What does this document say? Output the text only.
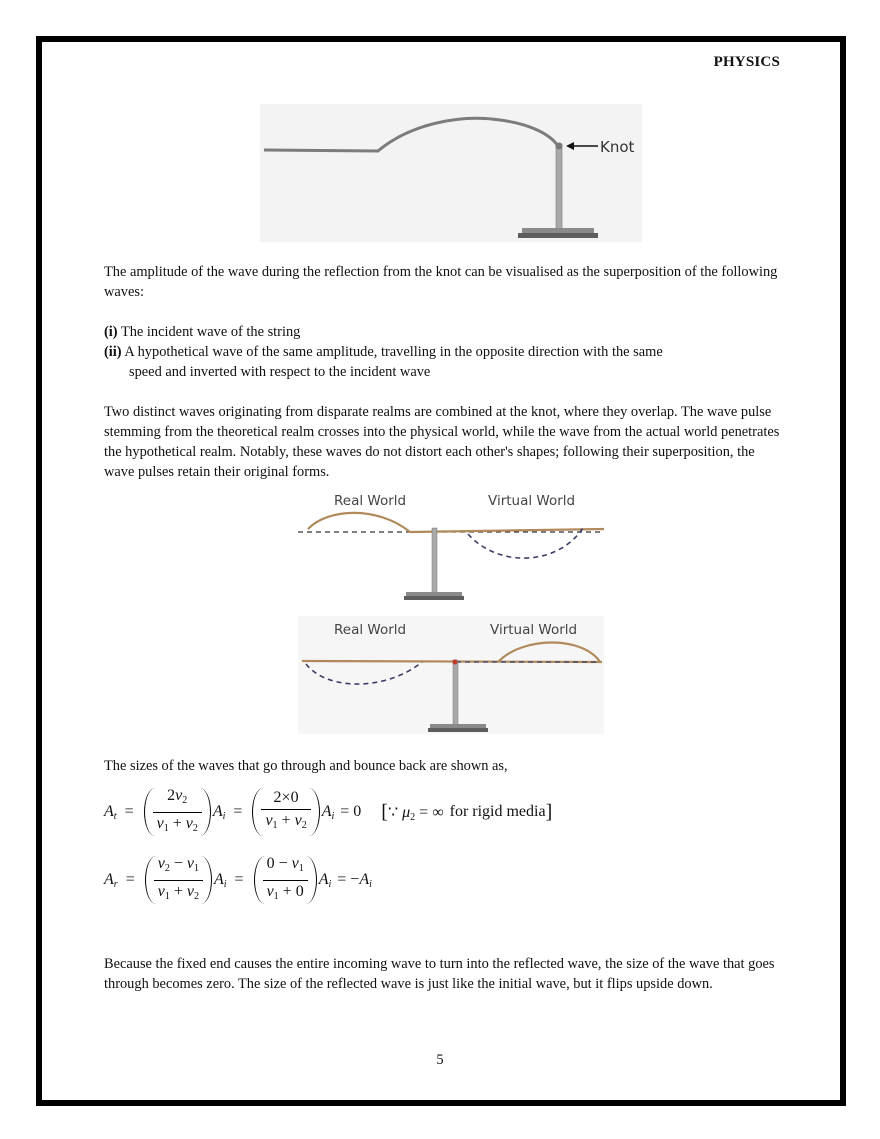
PHYSICS
Knot
The amplitude of the wave during the reflection from the knot can be visualised as the superposition of the following waves:
(i) The incident wave of the string
(ii) A hypothetical wave of the same amplitude, travelling in the opposite direction with the same
speed and inverted with respect to the incident wave
Two distinct waves originating from disparate realms are combined at the knot, where they overlap. The wave pulse stemming from the theoretical realm crosses into the physical world, while the wave from the actual world penetrates the hypothetical realm. Notably, these waves do not distort each other's shapes; following their superposition, the wave pulses retain their original forms.
Real World	Virtual World
Real World	Virtual World
The sizes of the waves that go through and bounce back are shown as,
$A_t = \frac{2v_2}{v_1 + v_2} A_i = \frac{2\times 0}{v_1 + v_2} A_i = 0$ [ ∵ $\mu_2$ = ∞ for rigid media ]
$A_r = \frac{v_2 - v_1}{v_1 + v_2} A_i = \frac{0 - v_1}{v_1 + 0} A_i = -A_i$
Because the fixed end causes the entire incoming wave to turn into the reflected wave, the size of the wave that goes through becomes zero. The size of the reflected wave is just like the initial wave, but it flips upside down.
5
